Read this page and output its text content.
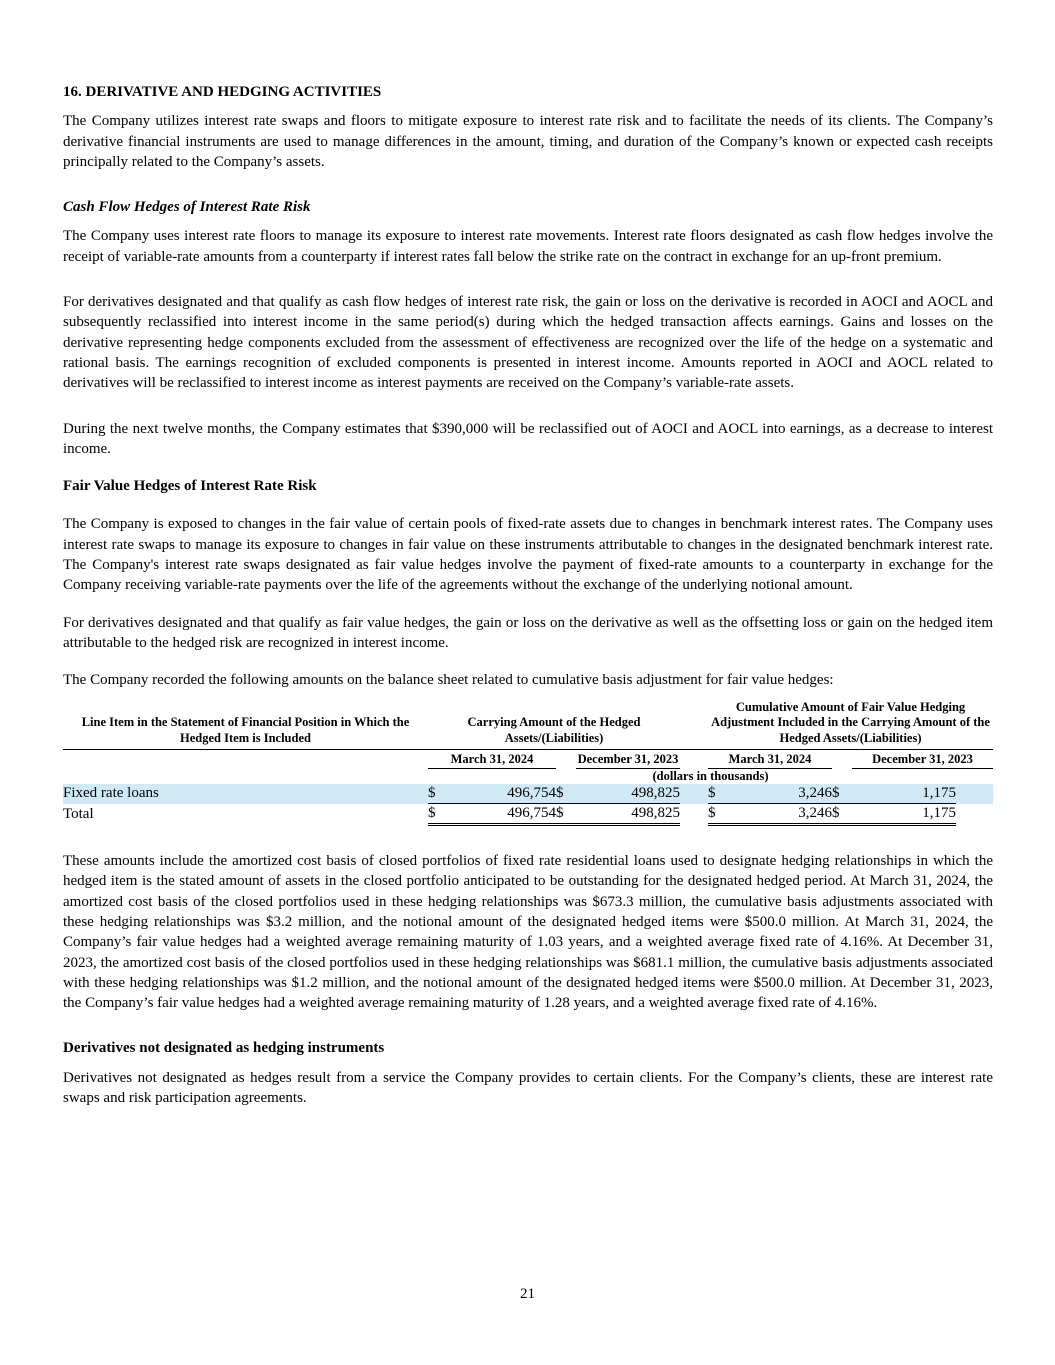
16. DERIVATIVE AND HEDGING ACTIVITIES

The Company utilizes interest rate swaps and floors to mitigate exposure to interest rate risk and to facilitate the needs of its clients. The Company’s derivative financial instruments are used to manage differences in the amount, timing, and duration of the Company’s known or expected cash receipts principally related to the Company’s assets.

Cash Flow Hedges of Interest Rate Risk

The Company uses interest rate floors to manage its exposure to interest rate movements. Interest rate floors designated as cash flow hedges involve the receipt of variable-rate amounts from a counterparty if interest rates fall below the strike rate on the contract in exchange for an up-front premium.

For derivatives designated and that qualify as cash flow hedges of interest rate risk, the gain or loss on the derivative is recorded in AOCI and AOCL and subsequently reclassified into interest income in the same period(s) during which the hedged transaction affects earnings. Gains and losses on the derivative representing hedge components excluded from the assessment of effectiveness are recognized over the life of the hedge on a systematic and rational basis. The earnings recognition of excluded components is presented in interest income. Amounts reported in AOCI and AOCL related to derivatives will be reclassified to interest income as interest payments are received on the Company’s variable-rate assets.

During the next twelve months, the Company estimates that $390,000 will be reclassified out of AOCI and AOCL into earnings, as a decrease to interest income.

Fair Value Hedges of Interest Rate Risk

The Company is exposed to changes in the fair value of certain pools of fixed-rate assets due to changes in benchmark interest rates. The Company uses interest rate swaps to manage its exposure to changes in fair value on these instruments attributable to changes in the designated benchmark interest rate. The Company's interest rate swaps designated as fair value hedges involve the payment of fixed-rate amounts to a counterparty in exchange for the Company receiving variable-rate payments over the life of the agreements without the exchange of the underlying notional amount.

For derivatives designated and that qualify as fair value hedges, the gain or loss on the derivative as well as the offsetting loss or gain on the hedged item attributable to the hedged risk are recognized in interest income.

The Company recorded the following amounts on the balance sheet related to cumulative basis adjustment for fair value hedges:

Line Item in the Statement of Financial Position in Which the Hedged Item is Included	Carrying Amount of the Hedged Assets/(Liabilities)					Cumulative Amount of Fair Value Hedging Adjustment Included in the Carrying Amount of the Hedged Assets/(Liabilities)				

	March 31, 2024			December 31, 2023		March 31, 2024			December 31, 2023	
	(dollars in thousands)									
Fixed rate loans	$	496,754	$	498,825		$	3,246	$	1,175	
Total	$	496,754	$	498,825		$	3,246	$	1,175	

These amounts include the amortized cost basis of closed portfolios of fixed rate residential loans used to designate hedging relationships in which the hedged item is the stated amount of assets in the closed portfolio anticipated to be outstanding for the designated hedged period. At March 31, 2024, the amortized cost basis of the closed portfolios used in these hedging relationships was $673.3 million, the cumulative basis adjustments associated with these hedging relationships was $3.2 million, and the notional amount of the designated hedged items were $500.0 million. At March 31, 2024, the Company’s fair value hedges had a weighted average remaining maturity of 1.03 years, and a weighted average fixed rate of 4.16%. At December 31, 2023, the amortized cost basis of the closed portfolios used in these hedging relationships was $681.1 million, the cumulative basis adjustments associated with these hedging relationships was $1.2 million, and the notional amount of the designated hedged items were $500.0 million. At December 31, 2023, the Company’s fair value hedges had a weighted average remaining maturity of 1.28 years, and a weighted average fixed rate of 4.16%.

Derivatives not designated as hedging instruments

Derivatives not designated as hedges result from a service the Company provides to certain clients. For the Company’s clients, these are interest rate swaps and risk participation agreements.

21
